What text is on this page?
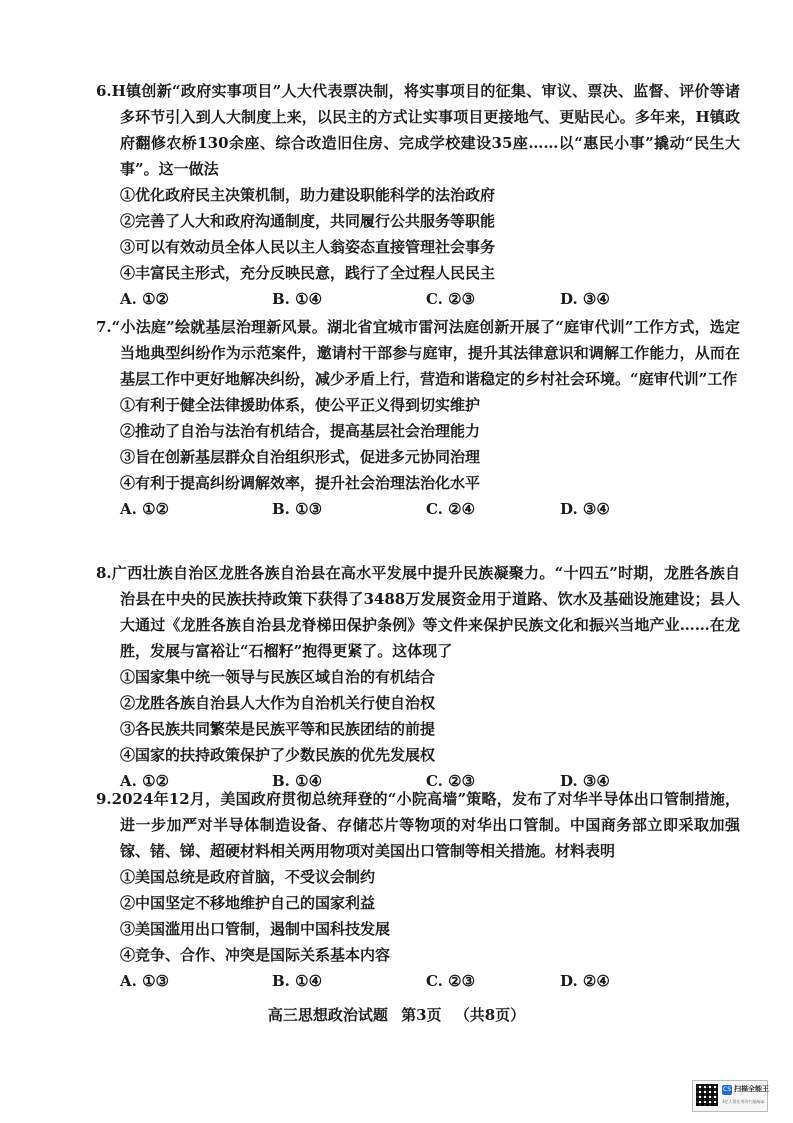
6.H镇创新“政府实事项目”人大代表票决制，将实事项目的征集、审议、票决、监督、评价等诸多环节引入到人大制度上来，以民主的方式让实事项目更接地气、更贴民心。多年来，H镇政府翻修农桥130余座、综合改造旧住房、完成学校建设35座……以“惠民小事”撬动“民生大事”。这一做法

①优化政府民主决策机制，助力建设职能科学的法治政府

②完善了人大和政府沟通制度，共同履行公共服务等职能

③可以有效动员全体人民以主人翁姿态直接管理社会事务

④丰富民主形式，充分反映民意，践行了全过程人民民主

A. ①②	B. ①④	C. ②③	D. ③④

7.“小法庭”绘就基层治理新风景。湖北省宜城市雷河法庭创新开展了“庭审代训”工作方式，选定当地典型纠纷作为示范案件，邀请村干部参与庭审，提升其法律意识和调解工作能力，从而在基层工作中更好地解决纠纷，减少矛盾上行，营造和谐稳定的乡村社会环境。“庭审代训”工作

①有利于健全法律援助体系，使公平正义得到切实维护

②推动了自治与法治有机结合，提高基层社会治理能力

③旨在创新基层群众自治组织形式，促进多元协同治理

④有利于提高纠纷调解效率，提升社会治理法治化水平

A. ①②	B. ①③	C. ②④	D. ③④

8.广西壮族自治区龙胜各族自治县在高水平发展中提升民族凝聚力。“十四五”时期，龙胜各族自治县在中央的民族扶持政策下获得了3488万发展资金用于道路、饮水及基础设施建设；县人大通过《龙胜各族自治县龙脊梯田保护条例》等文件来保护民族文化和振兴当地产业……在龙胜，发展与富裕让“石榴籽”抱得更紧了。这体现了

①国家集中统一领导与民族区域自治的有机结合

②龙胜各族自治县人大作为自治机关行使自治权

③各民族共同繁荣是民族平等和民族团结的前提

④国家的扶持政策保护了少数民族的优先发展权

A. ①②	B. ①④	C. ②③	D. ③④

9.2024年12月，美国政府贯彻总统拜登的“小院高墙”策略，发布了对华半导体出口管制措施，进一步加严对半导体制造设备、存储芯片等物项的对华出口管制。中国商务部立即采取加强镓、锗、锑、超硬材料相关两用物项对美国出口管制等相关措施。材料表明

①美国总统是政府首脑，不受议会制约

②中国坚定不移地维护自己的国家利益

③美国滥用出口管制，遏制中国科技发展

④竞争、合作、冲突是国际关系基本内容

A. ①③	B. ①④	C. ②③	D. ②④
高三思想政治试题 第3页 （共8页）
CS 扫描全能王
3亿人都在用的扫描App
